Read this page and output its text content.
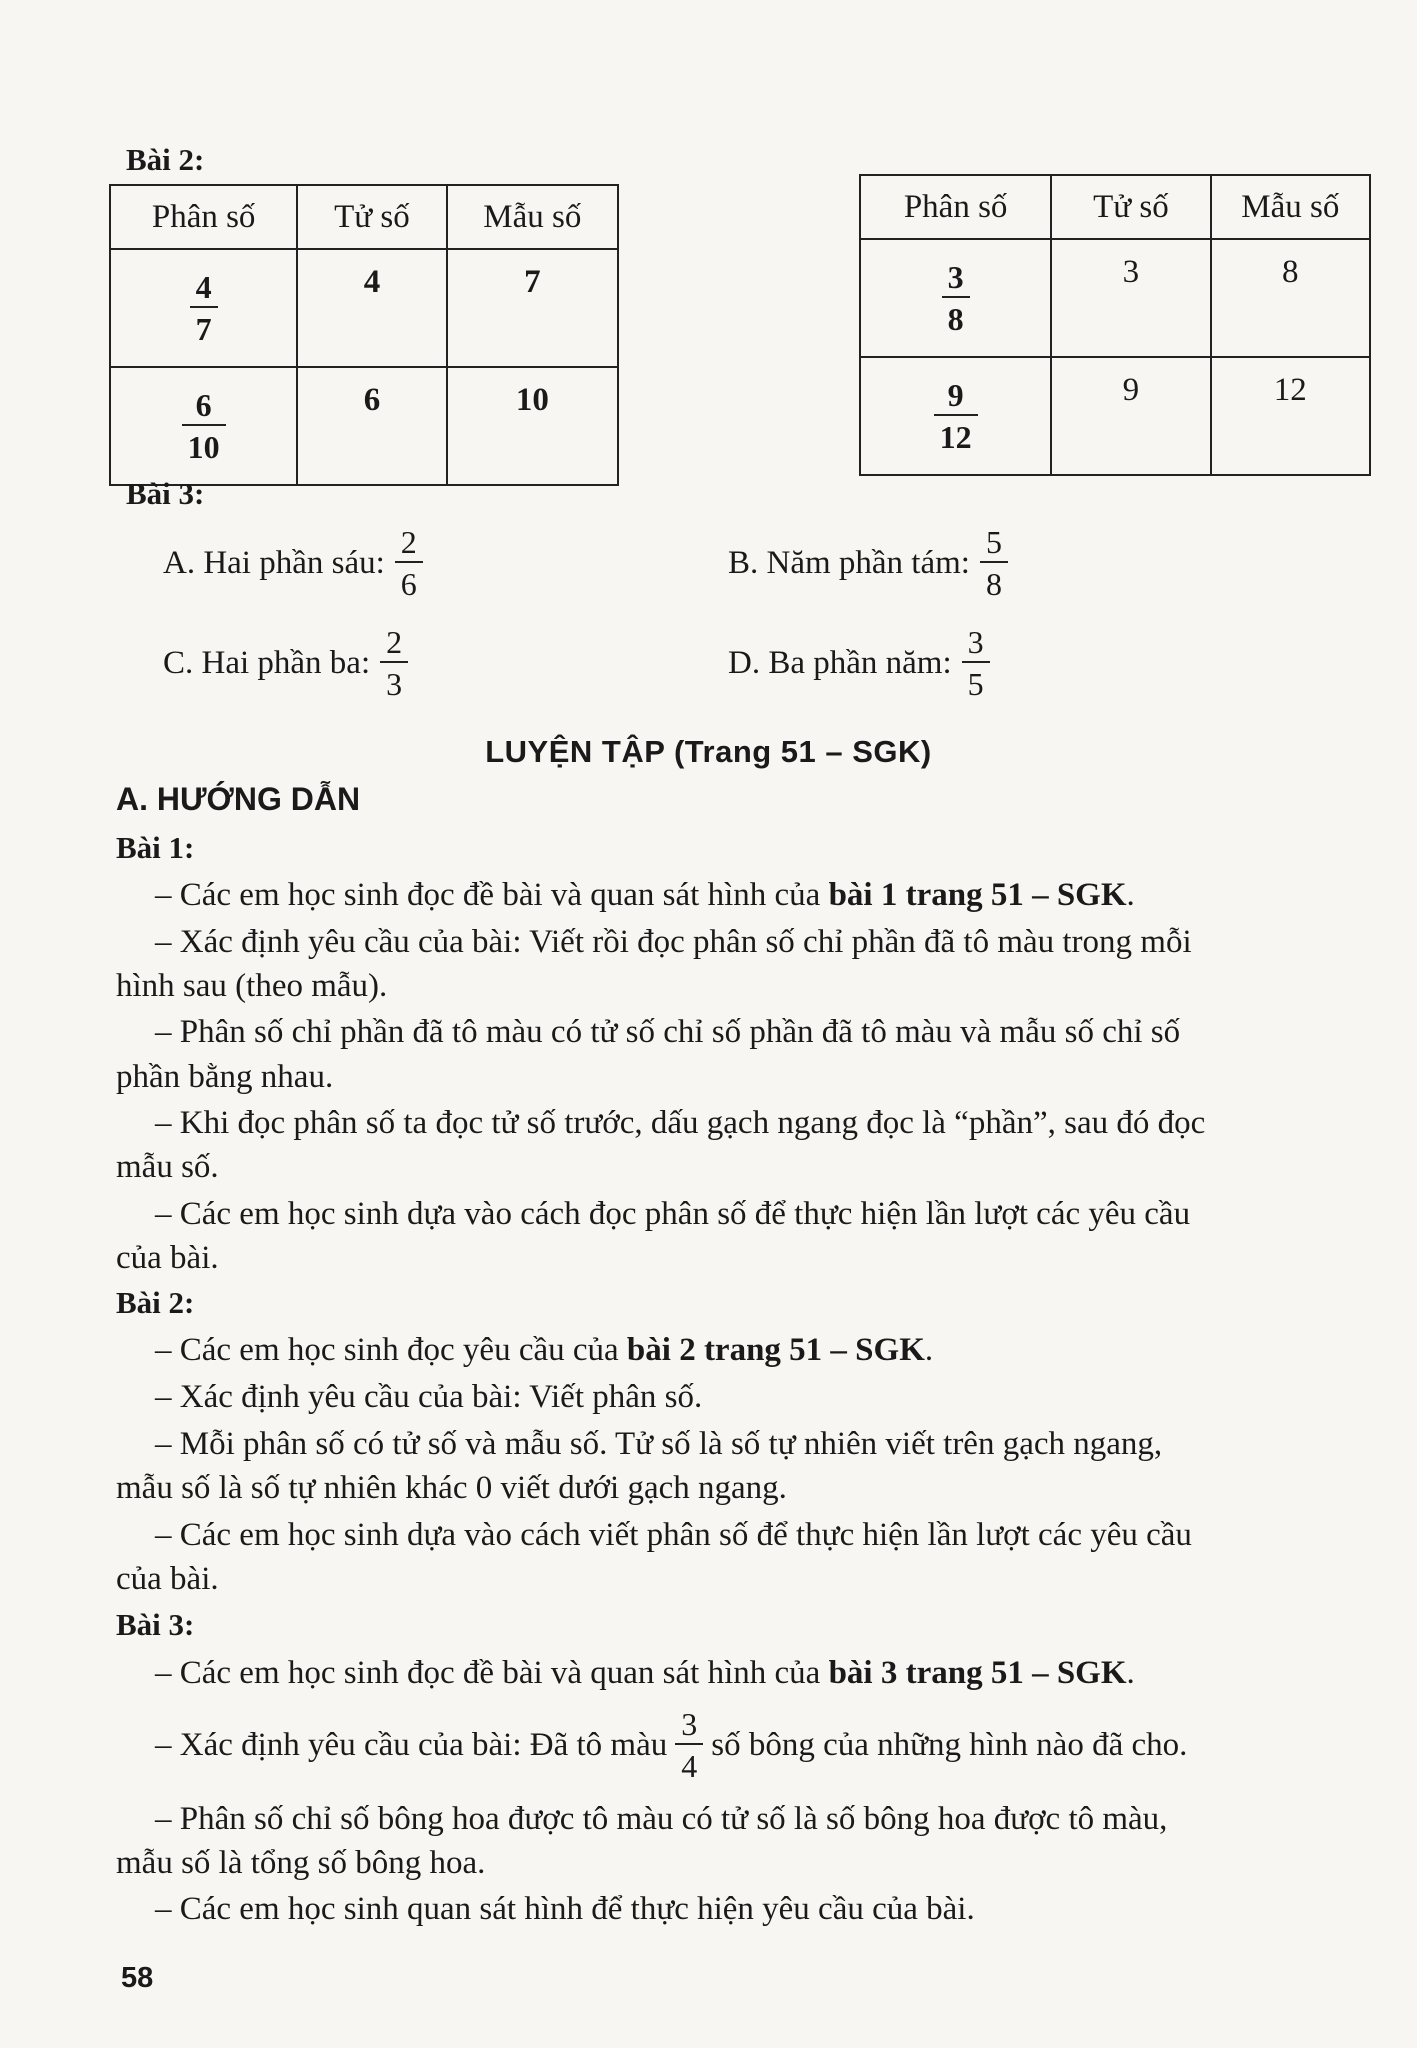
Bài 2:
Phân số	Tử số	Mẫu số

$\frac{4}{7}$	4	7

$\frac{6}{10}$	6	10
Phân số	Tử số	Mẫu số

$\frac{3}{8}$	3	8

$\frac{9}{12}$	9	12
Bài 3:
A. Hai phần sáu: $\frac{2}{6}$	B. Năm phần tám: $\frac{5}{8}$
C. Hai phần ba: $\frac{2}{3}$	D. Ba phần năm: $\frac{3}{5}$
LUYỆN TẬP (Trang 51 – SGK)
A. HƯỚNG DẪN
Bài 1:
– Các em học sinh đọc đề bài và quan sát hình của bài 1 trang 51 – SGK.
– Xác định yêu cầu của bài: Viết rồi đọc phân số chỉ phần đã tô màu trong mỗi
hình sau (theo mẫu).
– Phân số chỉ phần đã tô màu có tử số chỉ số phần đã tô màu và mẫu số chỉ số
phần bằng nhau.
– Khi đọc phân số ta đọc tử số trước, dấu gạch ngang đọc là “phần”, sau đó đọc
mẫu số.
– Các em học sinh dựa vào cách đọc phân số để thực hiện lần lượt các yêu cầu
của bài.
Bài 2:
– Các em học sinh đọc yêu cầu của bài 2 trang 51 – SGK.
– Xác định yêu cầu của bài: Viết phân số.
– Mỗi phân số có tử số và mẫu số. Tử số là số tự nhiên viết trên gạch ngang,
mẫu số là số tự nhiên khác 0 viết dưới gạch ngang.
– Các em học sinh dựa vào cách viết phân số để thực hiện lần lượt các yêu cầu
của bài.
Bài 3:
– Các em học sinh đọc đề bài và quan sát hình của bài 3 trang 51 – SGK.
– Xác định yêu cầu của bài: Đã tô màu $\frac{3}{4}$ số bông của những hình nào đã cho.
– Phân số chỉ số bông hoa được tô màu có tử số là số bông hoa được tô màu,
mẫu số là tổng số bông hoa.
– Các em học sinh quan sát hình để thực hiện yêu cầu của bài.
58
